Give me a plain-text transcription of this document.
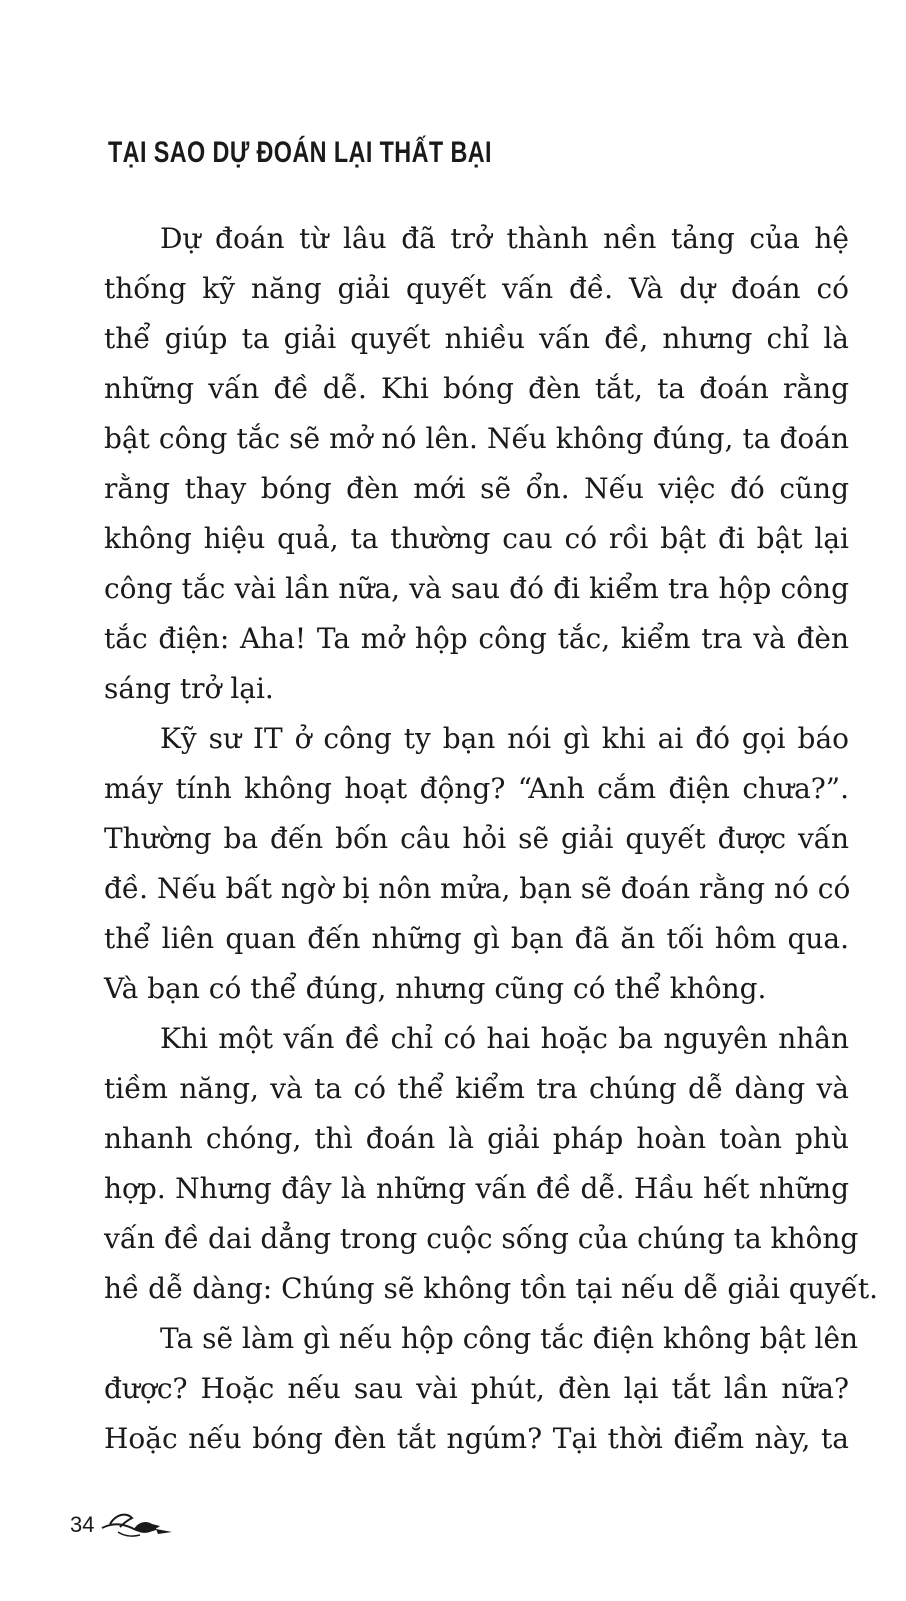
TẠI SAO DỰ ĐOÁN LẠI THẤT BẠI
Dự đoán từ lâu đã trở thành nền tảng của hệ
thống kỹ năng giải quyết vấn đề. Và dự đoán có
thể giúp ta giải quyết nhiều vấn đề, nhưng chỉ là
những vấn đề dễ. Khi bóng đèn tắt, ta đoán rằng
bật công tắc sẽ mở nó lên. Nếu không đúng, ta đoán
rằng thay bóng đèn mới sẽ ổn. Nếu việc đó cũng
không hiệu quả, ta thường cau có rồi bật đi bật lại
công tắc vài lần nữa, và sau đó đi kiểm tra hộp công
tắc điện: Aha! Ta mở hộp công tắc, kiểm tra và đèn
sáng trở lại.
Kỹ sư IT ở công ty bạn nói gì khi ai đó gọi báo
máy tính không hoạt động? “Anh cắm điện chưa?”.
Thường ba đến bốn câu hỏi sẽ giải quyết được vấn
đề. Nếu bất ngờ bị nôn mửa, bạn sẽ đoán rằng nó có
thể liên quan đến những gì bạn đã ăn tối hôm qua.
Và bạn có thể đúng, nhưng cũng có thể không.
Khi một vấn đề chỉ có hai hoặc ba nguyên nhân
tiềm năng, và ta có thể kiểm tra chúng dễ dàng và
nhanh chóng, thì đoán là giải pháp hoàn toàn phù
hợp. Nhưng đây là những vấn đề dễ. Hầu hết những
vấn đề dai dẳng trong cuộc sống của chúng ta không
hề dễ dàng: Chúng sẽ không tồn tại nếu dễ giải quyết.
Ta sẽ làm gì nếu hộp công tắc điện không bật lên
được? Hoặc nếu sau vài phút, đèn lại tắt lần nữa?
Hoặc nếu bóng đèn tắt ngúm? Tại thời điểm này, ta
34
